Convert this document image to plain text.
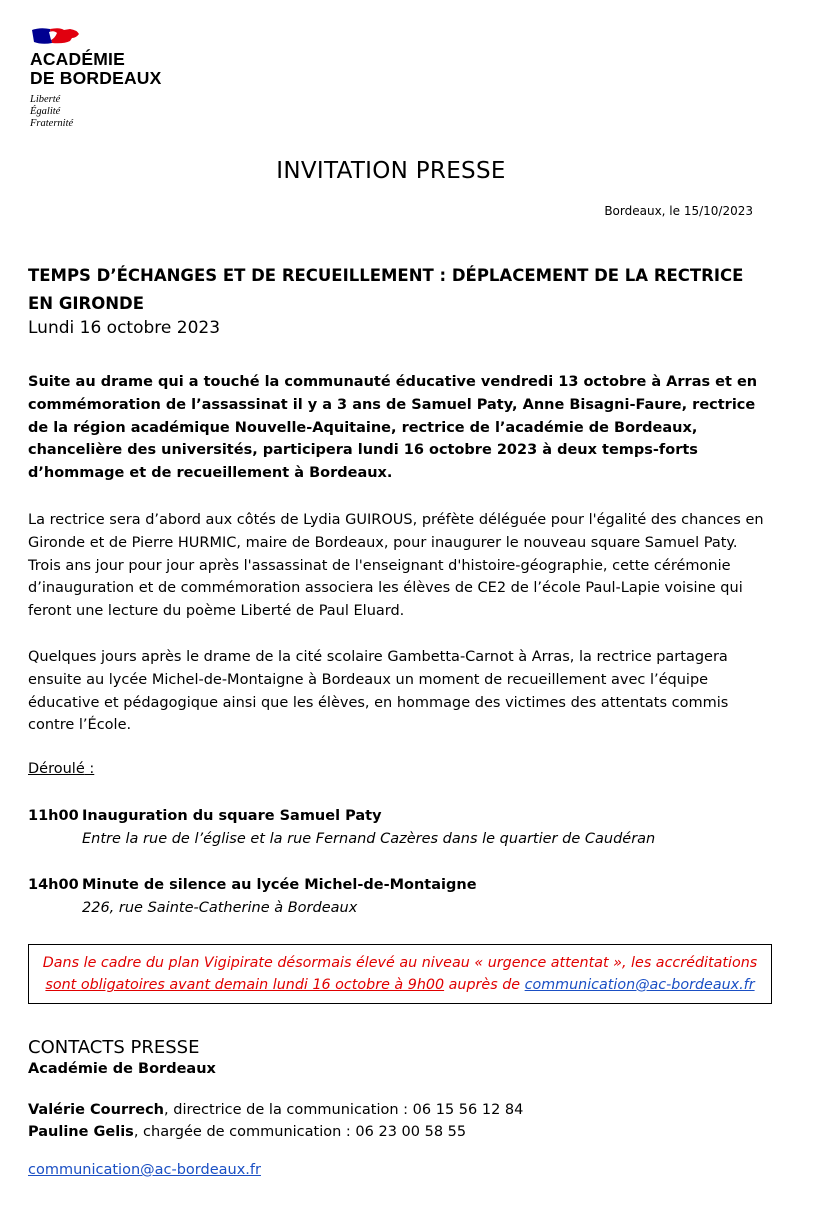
ACADÉMIE
DE BORDEAUX
Liberté
Égalité
Fraternité
INVITATION PRESSE
Bordeaux, le 15/10/2023
TEMPS D’ÉCHANGES ET DE RECUEILLEMENT : DÉPLACEMENT DE LA RECTRICE
EN GIRONDE
Lundi 16 octobre 2023
Suite au drame qui a touché la communauté éducative vendredi 13 octobre à Arras et en commémoration de l’assassinat il y a 3 ans de Samuel Paty, Anne Bisagni-Faure, rectrice de la région académique Nouvelle-Aquitaine, rectrice de l’académie de Bordeaux, chancelière des universités, participera lundi 16 octobre 2023 à deux temps-forts d’hommage et de recueillement à Bordeaux.
La rectrice sera d’abord aux côtés de Lydia GUIROUS, préfète déléguée pour l'égalité des chances en Gironde et de Pierre HURMIC, maire de Bordeaux, pour inaugurer le nouveau square Samuel Paty. Trois ans jour pour jour après l'assassinat de l'enseignant d'histoire-géographie, cette cérémonie d’inauguration et de commémoration associera les élèves de CE2 de l’école Paul-Lapie voisine qui feront une lecture du poème Liberté de Paul Eluard.
Quelques jours après le drame de la cité scolaire Gambetta-Carnot à Arras, la rectrice partagera ensuite au lycée Michel-de-Montaigne à Bordeaux un moment de recueillement avec l’équipe éducative et pédagogique ainsi que les élèves, en hommage des victimes des attentats commis contre l’École.
Déroulé :
11h00 Inauguration du square Samuel Paty
Entre la rue de l’église et la rue Fernand Cazères dans le quartier de Caudéran
14h00 Minute de silence au lycée Michel-de-Montaigne
226, rue Sainte-Catherine à Bordeaux
Dans le cadre du plan Vigipirate désormais élevé au niveau « urgence attentat », les accréditations
sont obligatoires avant demain lundi 16 octobre à 9h00 auprès de communication@ac-bordeaux.fr
CONTACTS PRESSE
Académie de Bordeaux
Valérie Courrech, directrice de la communication : 06 15 56 12 84
Pauline Gelis, chargée de communication : 06 23 00 58 55
communication@ac-bordeaux.fr
